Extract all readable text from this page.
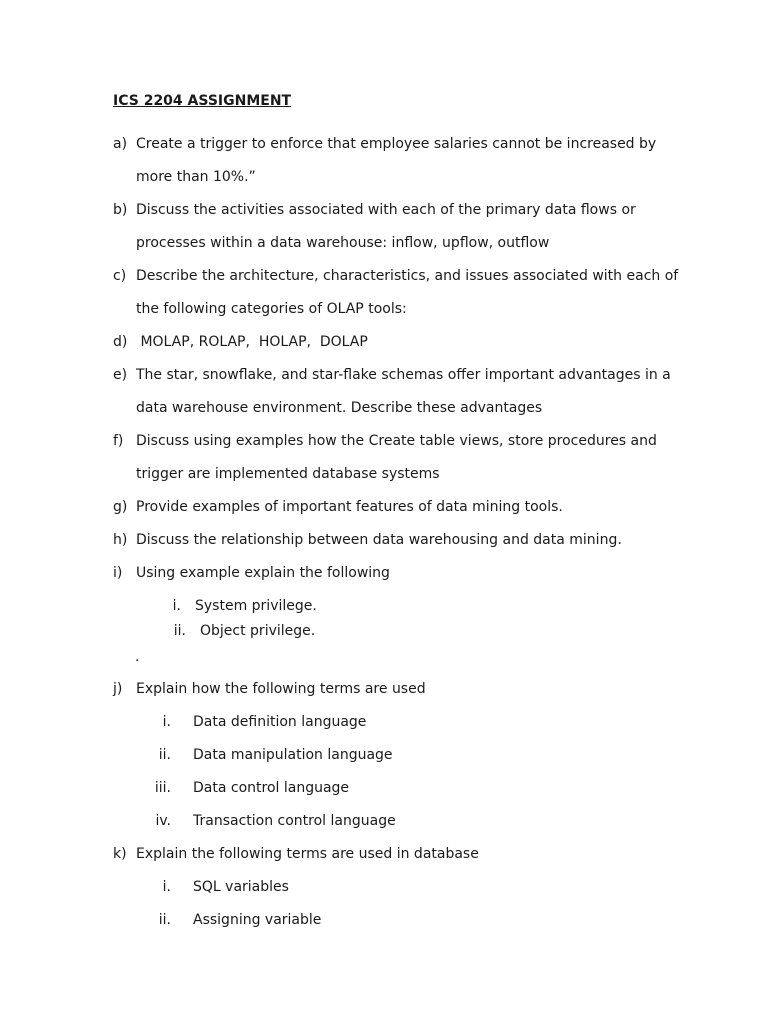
ICS 2204 ASSIGNMENT
a) Create a trigger to enforce that employee salaries cannot be increased by
more than 10%.”
b) Discuss the activities associated with each of the primary data flows or
processes within a data warehouse: inflow, upflow, outflow
c) Describe the architecture, characteristics, and issues associated with each of
the following categories of OLAP tools:
d) MOLAP, ROLAP,  HOLAP,  DOLAP
e) The star, snowflake, and star-flake schemas offer important advantages in a
data warehouse environment. Describe these advantages
f) Discuss using examples how the Create table views, store procedures and
trigger are implemented database systems
g) Provide examples of important features of data mining tools.
h) Discuss the relationship between data warehousing and data mining.
i) Using example explain the following
i. System privilege.
ii. Object privilege.
.
j) Explain how the following terms are used
i. Data definition language
ii. Data manipulation language
iii. Data control language
iv. Transaction control language
k) Explain the following terms are used in database
i. SQL variables
ii. Assigning variable
